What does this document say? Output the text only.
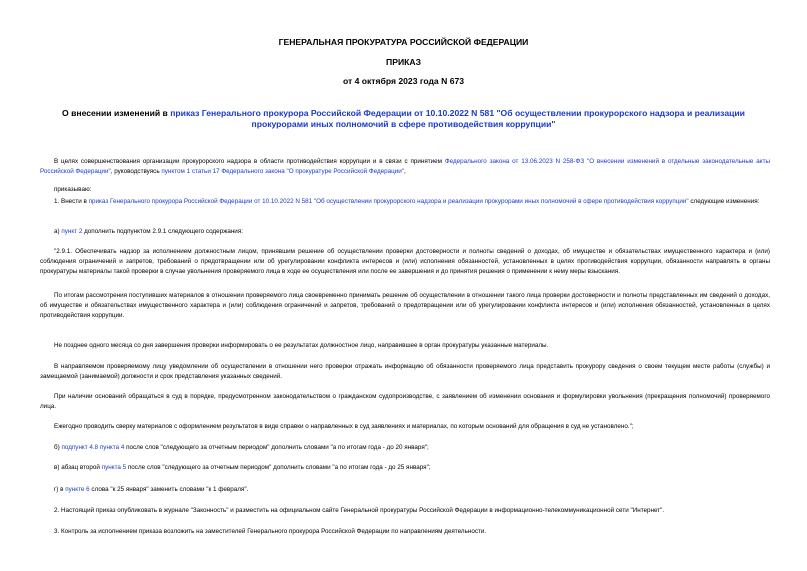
ГЕНЕРАЛЬНАЯ ПРОКУРАТУРА РОССИЙСКОЙ ФЕДЕРАЦИИ
ПРИКАЗ
от 4 октября 2023 года N 673
О внесении изменений в приказ Генерального прокурора Российской Федерации от 10.10.2022 N 581 "Об осуществлении прокурорского надзора и реализации прокурорами иных полномочий в сфере противодействия коррупции"

В целях совершенствования организации прокурорского надзора в области противодействия коррупции и в связи с принятием Федерального закона от 13.06.2023 N 258-ФЗ "О внесении изменений в отдельные законодательные акты Российской Федерации", руководствуясь пунктом 1 статьи 17 Федерального закона "О прокуратуре Российской Федерации",

приказываю:

1. Внести в приказ Генерального прокурора Российской Федерации от 10.10.2022 N 581 "Об осуществлении прокурорского надзора и реализации прокурорами иных полномочий в сфере противодействия коррупции" следующие изменения:

а) пункт 2 дополнить подпунктом 2.9.1 следующего содержания:

"2.9.1. Обеспечивать надзор за исполнением должностным лицом, принявшим решение об осуществлении проверки достоверности и полноты сведений о доходах, об имуществе и обязательствах имущественного характера и (или) соблюдения ограничений и запретов, требований о предотвращении или об урегулировании конфликта интересов и (или) исполнения обязанностей, установленных в целях противодействия коррупции, обязанности направлять в органы прокуратуры материалы такой проверки в случае увольнения проверяемого лица в ходе ее осуществления или после ее завершения и до принятия решения о применении к нему меры взыскания.

По итогам рассмотрения поступивших материалов в отношении проверяемого лица своевременно принимать решение об осуществлении в отношении такого лица проверки достоверности и полноты представленных им сведений о доходах, об имуществе и обязательствах имущественного характера и (или) соблюдения ограничений и запретов, требований о предотвращении или об урегулировании конфликта интересов и (или) исполнения обязанностей, установленных в целях противодействия коррупции.

Не позднее одного месяца со дня завершения проверки информировать о ее результатах должностное лицо, направившее в орган прокуратуры указанные материалы.

В направляемом проверяемому лицу уведомлении об осуществлении в отношении него проверки отражать информацию об обязанности проверяемого лица представить прокурору сведения о своем текущем месте работы (службы) и замещаемой (занимаемой) должности и срок представления указанных сведений.

При наличии оснований обращаться в суд в порядке, предусмотренном законодательством о гражданском судопроизводстве, с заявлением об изменении основания и формулировки увольнения (прекращения полномочий) проверяемого лица.

Ежегодно проводить сверку материалов с оформлением результатов в виде справки о направленных в суд заявлениях и материалах, по которым оснований для обращения в суд не установлено.";

б) подпункт 4.8 пункта 4 после слов "следующего за отчетным периодом" дополнить словами "а по итогам года - до 20 января";

в) абзац второй пункта 5 после слов "следующего за отчетным периодом" дополнить словами "а по итогам года - до 25 января";

г) в пункте 6 слова "к 25 января" заменить словами "к 1 февраля".

2. Настоящий приказ опубликовать в журнале "Законность" и разместить на официальном сайте Генеральной прокуратуры Российской Федерации в информационно-телекоммуникационной сети "Интернет".

3. Контроль за исполнением приказа возложить на заместителей Генерального прокурора Российской Федерации по направлениям деятельности.
